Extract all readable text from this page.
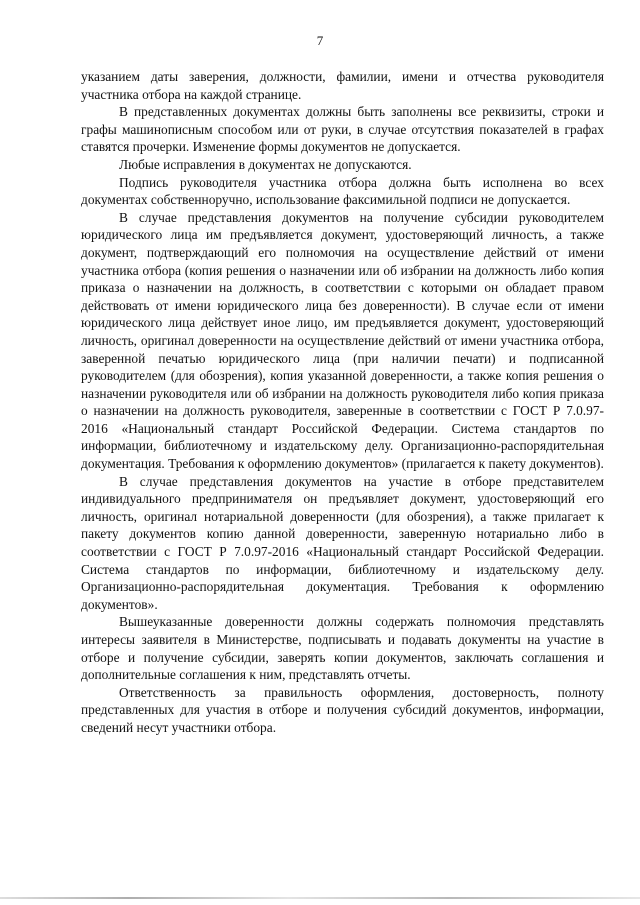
7

указанием даты заверения, должности, фамилии, имени и отчества руководителя участника отбора на каждой странице.

В представленных документах должны быть заполнены все реквизиты, строки и графы машинописным способом или от руки, в случае отсутствия показателей в графах ставятся прочерки. Изменение формы документов не допускается.

Любые исправления в документах не допускаются.

Подпись руководителя участника отбора должна быть исполнена во всех документах собственноручно, использование факсимильной подписи не допускается.

В случае представления документов на получение субсидии руководителем юридического лица им предъявляется документ, удостоверяющий личность, а также документ, подтверждающий его полномочия на осуществление действий от имени участника отбора (копия решения о назначении или об избрании на должность либо копия приказа о назначении на должность, в соответствии с которыми он обладает правом действовать от имени юридического лица без доверенности). В случае если от имени юридического лица действует иное лицо, им предъявляется документ, удостоверяющий личность, оригинал доверенности на осуществление действий от имени участника отбора, заверенной печатью юридического лица (при наличии печати) и подписанной руководителем (для обозрения), копия указанной доверенности, а также копия решения о назначении руководителя или об избрании на должность руководителя либо копия приказа о назначении на должность руководителя, заверенные в соответствии с ГОСТ Р 7.0.97-2016 «Национальный стандарт Российской Федерации. Система стандартов по информации, библиотечному и издательскому делу. Организационно-распорядительная документация. Требования к оформлению документов» (прилагается к пакету документов).

В случае представления документов на участие в отборе представителем индивидуального предпринимателя он предъявляет документ, удостоверяющий его личность, оригинал нотариальной доверенности (для обозрения), а также прилагает к пакету документов копию данной доверенности, заверенную нотариально либо в соответствии с ГОСТ Р 7.0.97-2016 «Национальный стандарт Российской Федерации. Система стандартов по информации, библиотечному и издательскому делу. Организационно-распорядительная документация. Требования к оформлению документов».

Вышеуказанные доверенности должны содержать полномочия представлять интересы заявителя в Министерстве, подписывать и подавать документы на участие в отборе и получение субсидии, заверять копии документов, заключать соглашения и дополнительные соглашения к ним, представлять отчеты.

Ответственность за правильность оформления, достоверность, полноту представленных для участия в отборе и получения субсидий документов, информации, сведений несут участники отбора.
